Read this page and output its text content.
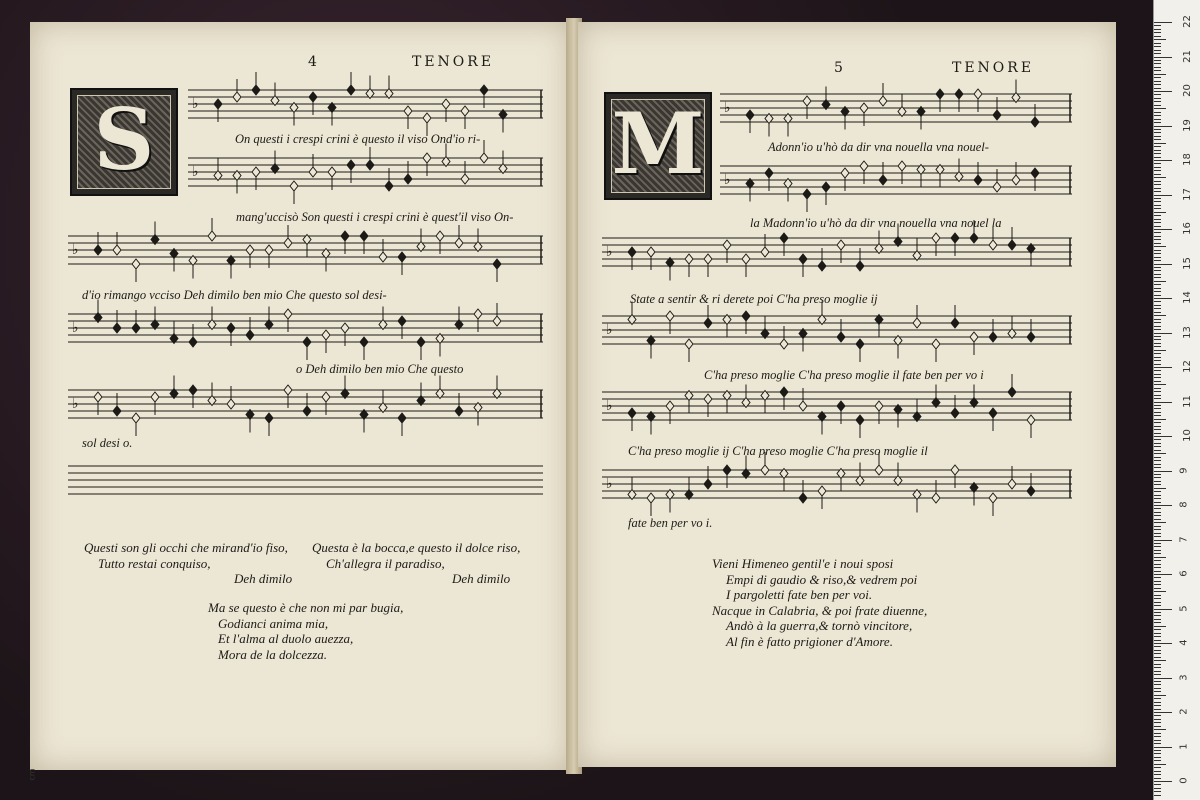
4	TENORE
S	♭
On questi i crespi crini è questo il viso Ond'io ri-
♭
mang'uccisò Son questi i crespi crini è quest'il viso On-
♭
d'io rimango vcciso Deh dimilo ben mio Che questo sol desi-
♭
o Deh dimilo ben mio Che questo
♭
sol desi o.
Questi son gli occhi che mirand'io fiso,
Tutto restai conquiso,
Deh dimilo
Questa è la bocca,e questo il dolce riso,
Ch'allegra il paradiso,
Deh dimilo
Ma se questo è che non mi par bugia,
Godianci anima mia,
Et l'alma al duolo auezza,
Mora de la dolcezza.
5	TENORE
M	♭
Adonn'io u'hò da dir vna nouella vna nouel-
♭
la Madonn'io u'hò da dir vna nouella vna nouel la
♭
State a sentir & ri derete poi C'ha preso moglie ij
♭
C'ha preso moglie C'ha preso moglie il fate ben per vo i
♭
C'ha preso moglie ij C'ha preso moglie C'ha preso moglie il
♭
fate ben per vo i.
Vieni Himeneo gentil'e i noui sposi
Empi di gaudio & riso,& vedrem poi
I pargoletti fate ben per voi.
Nacque in Calabria, & poi frate diuenne,
Andò à la guerra,& tornò vincitore,
Al fin è fatto prigioner d'Amore.
22
21
20
19
18
17
16
15
14
13
12
11
10
9
8
7
6
5
4
3
2
1
0
cm
